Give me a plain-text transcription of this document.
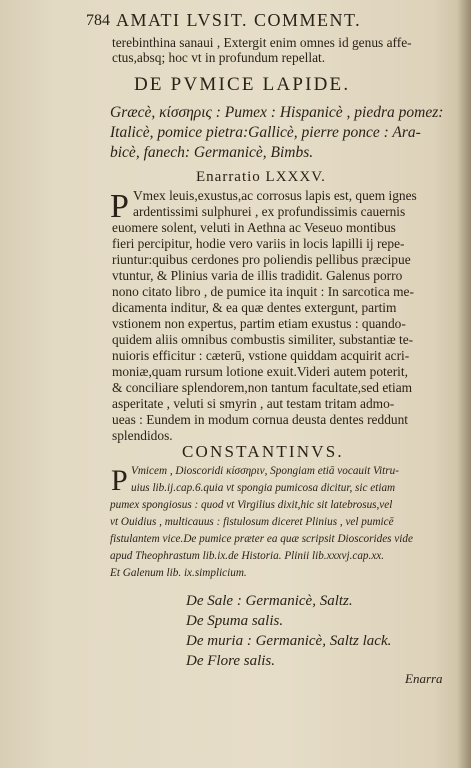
784 AMATI LVSIT. COMMENT.
terebinthina sanaui , Extergit enim omnes id genus affe-
ctus,absq; hoc vt in profundum repellat.
DE PVMICE LAPIDE.
Græcè, κίσσηρις : Pumex : Hispanicè , piedra pomez:
Italicè, pomice pietra:Gallicè, pierre ponce : Ara-
bicè, fanech: Germanicè, Bimbs.
Enarratio LXXXV.
P Vmex leuis,exustus,ac corrosus lapis est, quem ignes
ardentissimi sulphurei , ex profundissimis cauernis
euomere solent, veluti in Aethna ac Veseuo montibus
fieri percipitur, hodie vero variis in locis lapilli ij repe-
riuntur:quibus cerdones pro poliendis pellibus præcipue
vtuntur, & Plinius varia de illis tradidit. Galenus porro
nono citato libro , de pumice ita inquit : In sarcotica me-
dicamenta inditur, & ea quæ dentes extergunt, partim
vstionem non expertus, partim etiam exustus : quando-
quidem aliis omnibus combustis similiter, substantiæ te-
nuioris efficitur : cæterū, vstione quiddam acquirit acri-
moniæ,quam rursum lotione exuit.Videri autem poterit,
& conciliare splendorem,non tantum facultate,sed etiam
asperitate , veluti si smyrin , aut testam tritam admo-
ueas : Eundem in modum cornua deusta dentes reddunt
splendidos.
CONSTANTINVS.
P Vmicem , Dioscoridi κίσσηριν, Spongiam etiā vocauit Vitru-
uius lib.ij.cap.6.quia vt spongia pumicosa dicitur, sic etiam
pumex spongiosus : quod vt Virgilius dixit,hic sit latebrosus,vel
vt Ouidius , multicauus : fistulosum diceret Plinius , vel pumicē
fistulantem vice.De pumice præter ea quæ scripsit Dioscorides vide
apud Theophrastum lib.ix.de Historia. Plinii lib.xxxvj.cap.xx.
Et Galenum lib. ix.simplicium.
De Sale : Germanicè, Saltz.
De Spuma salis.
De muria : Germanicè, Saltz lack.
De Flore salis.
Enarra
